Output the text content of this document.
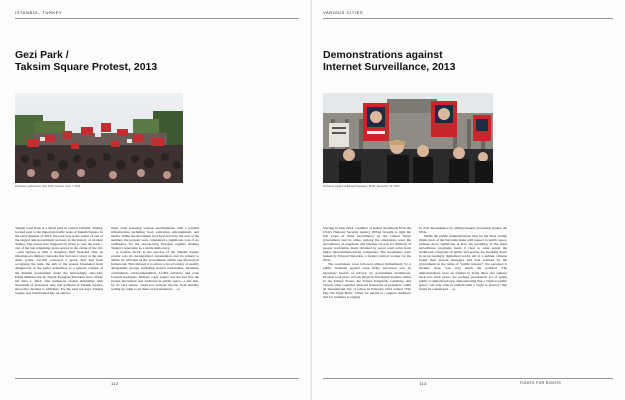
ISTANBUL, TURKEY
Gezi Park /
Taksim Square Protest, 2013
Protesters gathering in Gezi Park, Istanbul, June 1, 2013

Taksim Gezi Park is a small park in central Istanbul, Turkey, located next to the important traffic node of Taksim Square. In the early summer of 2013, the park was at the center of one of the largest anti-government protests in the history of modern Turkey. The unrest was triggered by plans to raze the park—one of the last remaining green spaces in the center of the city—and replace it with a shopping mall modeled after an Ottoman-era military barracks that had once stood at the site. After police forcibly removed a group that had been occupying the park, the aim of the protest broadened from disapproval of the park's demolition to a general critique of the Turkish government under the increasingly autocratic Prime Minister Recep Tayyip Erdoğan (President since 2014). On June 1, 2013, after numerous violent skirmishes with thousands of protesters who had gathered at Taksim Square, the police decided to withdraw. For the next ten days, Taksim Square was transformed into an autono-

mous zone featuring various encampments with a parallel infrastructure including food, sanitation, entertainment, and media. While the movement had died down by the end of the summer, the protests were considered a significant vote of no confidence for the decade-long Erdoğan regime, shaking Turkey's reputation as a stable democracy.

A notable factor in the success of the Taksim Square protest was its decentralized organization and its refusal to define its criticism of the government within one ideological framework. This allowed it to attract a broad variety of usually antagonistic groups, including secular nationalists, Islamists, communists, environmentalists, LGBT activists, and even football hooligans. Perhaps a key aspect was the fact that the protest movement was anchored in public space—a site that, by its very nature, could not exclude anyone from literally setting up camp to air their own frustrations. →p.

112
VARIOUS CITIES
Demonstrations against
Internet Surveillance, 2013
Protest in support of Edward Snowden, Berlin, November 16, 2013

Starting in June 2013, a number of leaked documents from the USA's National Security Agency (NSA) brought to light the full scope of mass surveillance by the United States government and its allies. Among the allegations were the surveillance of telephone and Internet records for millions of people worldwide, many obtained by secret court order from major telecommunications companies. The documents were leaked by Edward Snowden, a former contract worker for the NSA.

The revelations were followed almost immediately by a public backlash against what many perceived was an egregious breach of privacy by government institutions. Protests took place in both physical and digital forums: rallies in the United States, the United Kingdom, Germany, and various other countries attracted thousands of protesters, while an international day of action in February 2014 named "The Day We Fight Back" called for emails to congress members and for websites to engage

in civil disobedience by adding banners protesting against the NSA.

While the public demonstrations may be the most visible implication of the Snowden leaks with respect to public space, perhaps more significant is how the unveiling of the mass surveillance programs made it clear to what extent the traditional categories of public and private are breaking down in an increasingly digitalized world. All of a sudden, citizens found their private messages and data scanned by the government in the name of "public interest"; the personal, it became clear, was very much the political. The demonstrations were an attempt to bring these two spheres back into their place: the perhaps paradoxical act of going public to demand privacy, demonstrating that a "right to public space" can only exist in tandem with a "right to privacy" that forms its counterpart. →p.

113	FIGHTS FOR RIGHTS
